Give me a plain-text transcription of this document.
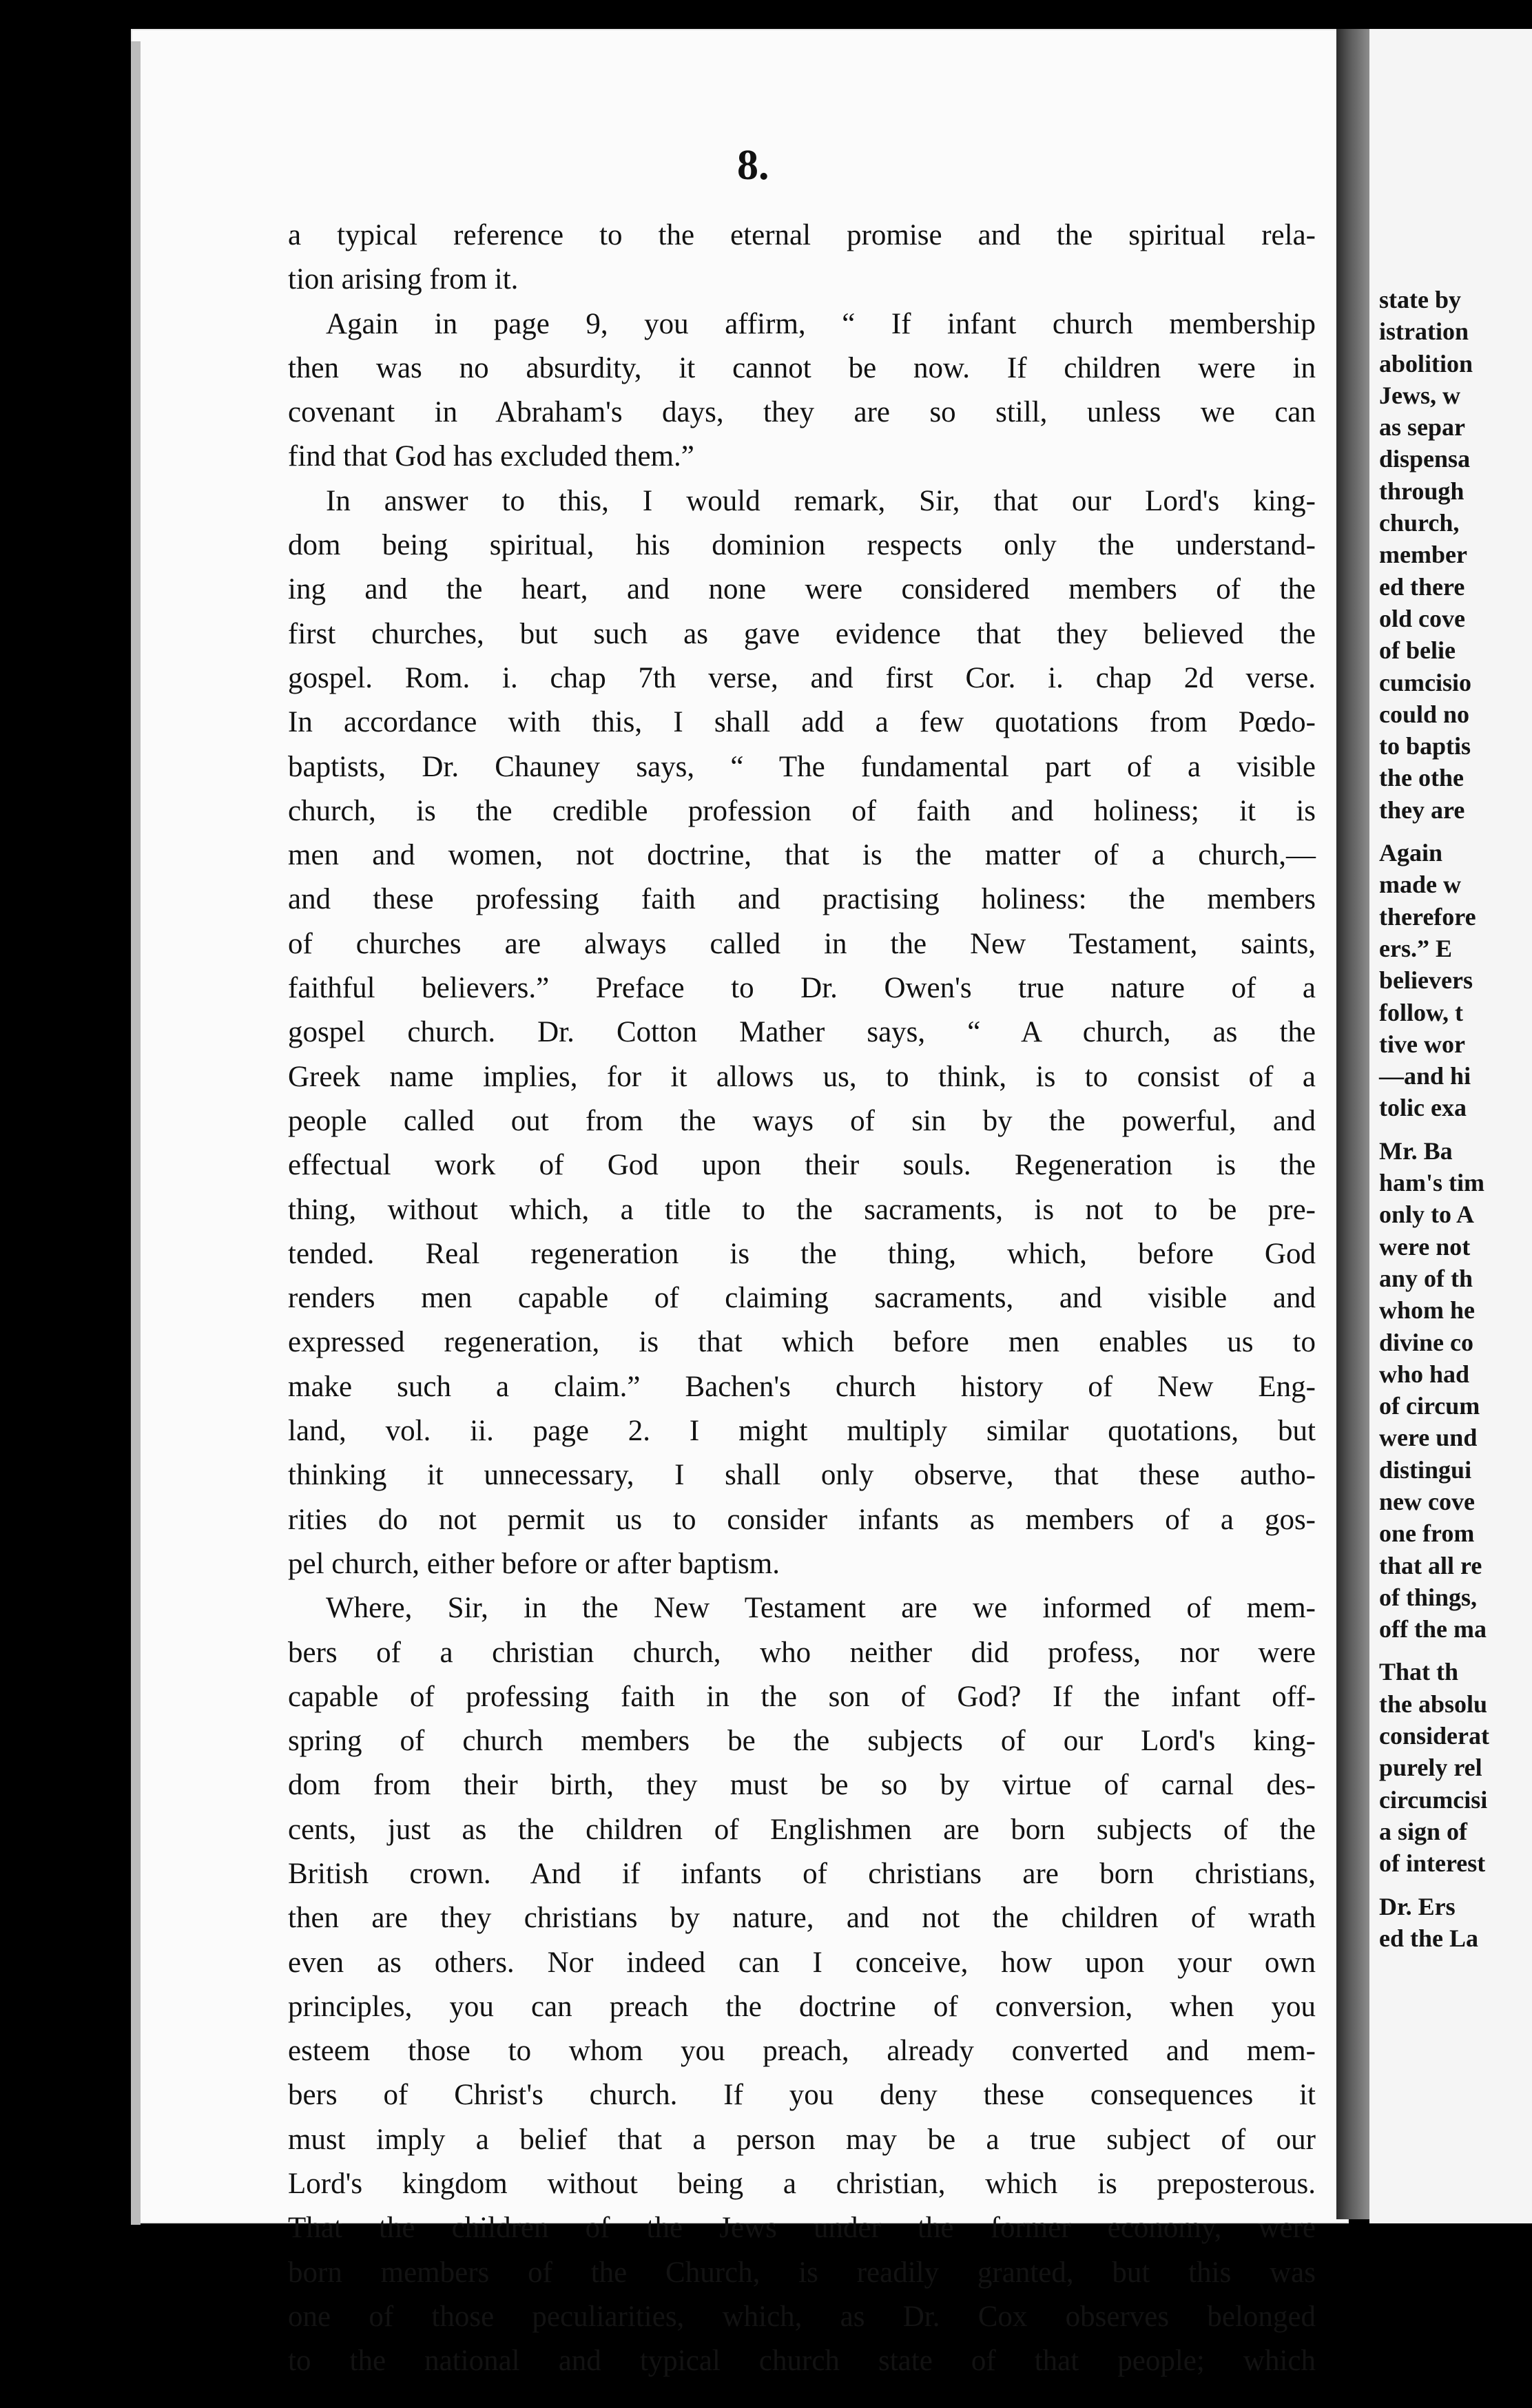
state by
istration
abolition
Jews, w
as separ
dispensa
through
church,
member
ed there
old cove
of belie
cumcisio
could no
to baptis
the othe
they are
Again
made w
therefore
ers.” E
believers
follow, t
tive wor
—and hi
tolic exa
Mr. Ba
ham's tim
only to A
were not
any of th
whom he
divine co
who had
of circum
were und
distingui
new cove
one from
that all re
of things,
off the ma
That th
the absolu
considerat
purely rel
circumcisi
a sign of
of interest
Dr. Ers
ed the La
8.
a typical reference to the eternal promise and the spiritual rela-
tion arising from it.
Again in page 9, you affirm, “ If infant church membership
then was no absurdity, it cannot be now. If children were in
covenant in Abraham's days, they are so still, unless we can
find that God has excluded them.”
In answer to this, I would remark, Sir, that our Lord's king-
dom being spiritual, his dominion respects only the understand-
ing and the heart, and none were considered members of the
first churches, but such as gave evidence that they believed the
gospel. Rom. i. chap 7th verse, and first Cor. i. chap 2d verse.
In accordance with this, I shall add a few quotations from Pœdo-
baptists, Dr. Chauney says, “ The fundamental part of a visible
church, is the credible profession of faith and holiness; it is
men and women, not doctrine, that is the matter of a church,—
and these professing faith and practising holiness: the members
of churches are always called in the New Testament, saints,
faithful believers.” Preface to Dr. Owen's true nature of a
gospel church. Dr. Cotton Mather says, “ A church, as the
Greek name implies, for it allows us, to think, is to consist of a
people called out from the ways of sin by the powerful, and
effectual work of God upon their souls. Regeneration is the
thing, without which, a title to the sacraments, is not to be pre-
tended. Real regeneration is the thing, which, before God
renders men capable of claiming sacraments, and visible and
expressed regeneration, is that which before men enables us to
make such a claim.” Bachen's church history of New Eng-
land, vol. ii. page 2. I might multiply similar quotations, but
thinking it unnecessary, I shall only observe, that these autho-
rities do not permit us to consider infants as members of a gos-
pel church, either before or after baptism.
Where, Sir, in the New Testament are we informed of mem-
bers of a christian church, who neither did profess, nor were
capable of professing faith in the son of God? If the infant off-
spring of church members be the subjects of our Lord's king-
dom from their birth, they must be so by virtue of carnal des-
cents, just as the children of Englishmen are born subjects of the
British crown. And if infants of christians are born christians,
then are they christians by nature, and not the children of wrath
even as others. Nor indeed can I conceive, how upon your own
principles, you can preach the doctrine of conversion, when you
esteem those to whom you preach, already converted and mem-
bers of Christ's church. If you deny these consequences it
must imply a belief that a person may be a true subject of our
Lord's kingdom without being a christian, which is preposterous.
That the children of the Jews under the former economy, were
born members of the Church, is readily granted, but this was
one of those peculiarities, which, as Dr. Cox observes belonged
to the national and typical church state of that people; which
